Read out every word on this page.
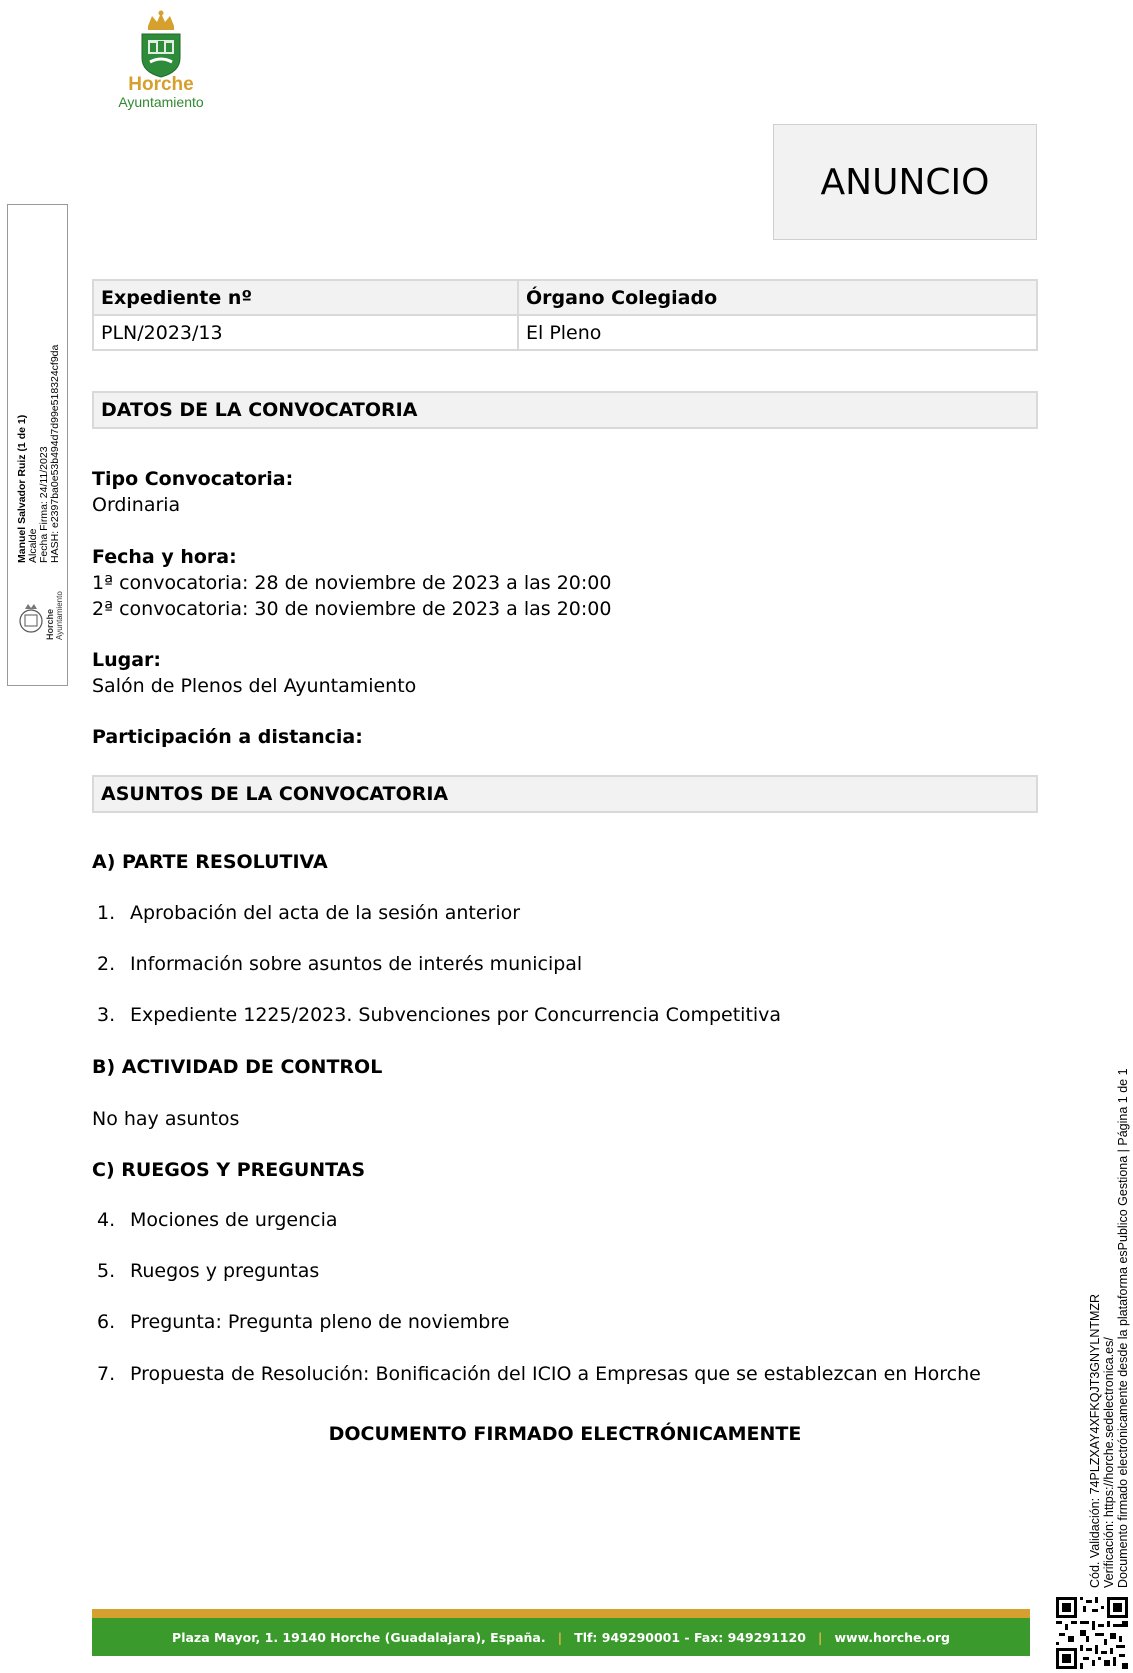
Horche
Ayuntamiento
ANUNCIO
Manuel Salvador Ruiz (1 de 1) Alcalde Fecha Firma: 24/11/2023 HASH: e2397ba0e53b494d7d99e518324cf9da
Horche Ayuntamiento
Expediente nº	Órgano Colegiado
PLN/2023/13	El Pleno
DATOS DE LA CONVOCATORIA
Tipo Convocatoria:
Ordinaria
Fecha y hora:
1ª convocatoria: 28 de noviembre de 2023 a las 20:00
2ª convocatoria: 30 de noviembre de 2023 a las 20:00
Lugar:
Salón de Plenos del Ayuntamiento
Participación a distancia:
ASUNTOS DE LA CONVOCATORIA
A) PARTE RESOLUTIVA
1. Aprobación del acta de la sesión anterior
2. Información sobre asuntos de interés municipal
3. Expediente 1225/2023. Subvenciones por Concurrencia Competitiva
B) ACTIVIDAD DE CONTROL
No hay asuntos
C) RUEGOS Y PREGUNTAS
4. Mociones de urgencia
5. Ruegos y preguntas
6. Pregunta: Pregunta pleno de noviembre
7. Propuesta de Resolución: Bonificación del ICIO a Empresas que se establezcan en Horche
DOCUMENTO FIRMADO ELECTRÓNICAMENTE	Cód. Validación: 74PLZXAY4XFKQJT3GNYLNTMZR Verificación: https://horche.sedelectronica.es/ Documento firmado electrónicamente desde la plataforma esPublico Gestiona | Página 1 de 1
Plaza Mayor, 1. 19140 Horche (Guadalajara), España. | Tlf: 949290001 - Fax: 949291120 | www.horche.org
